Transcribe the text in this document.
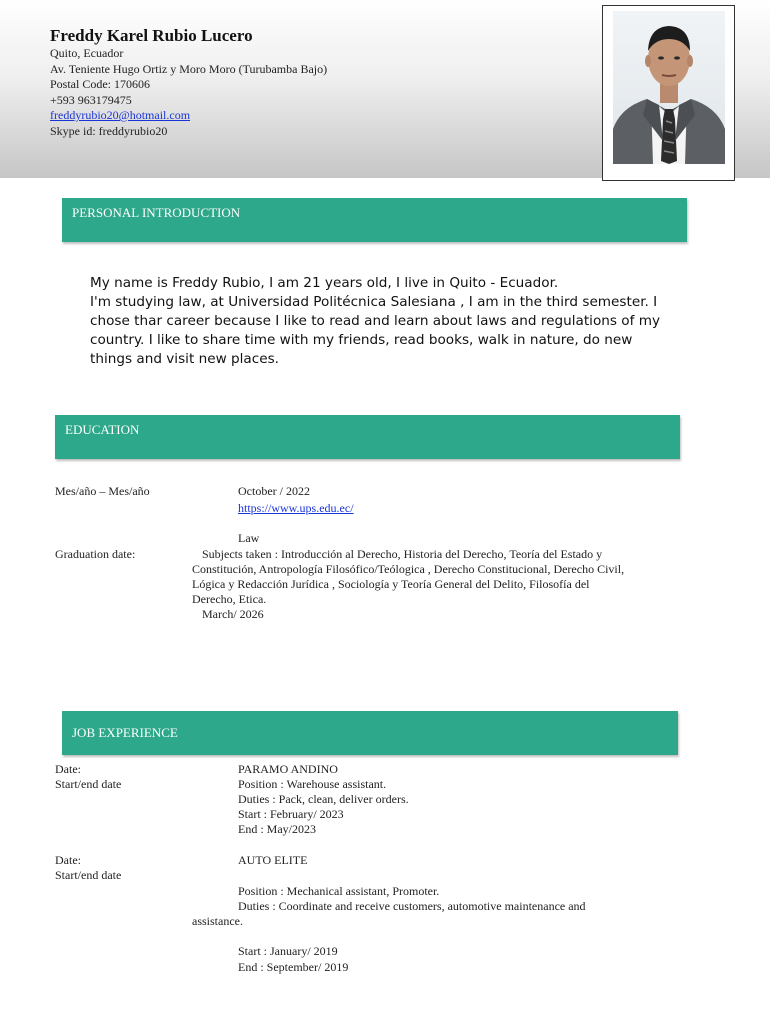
Freddy Karel Rubio Lucero
Quito, Ecuador
Av. Teniente Hugo Ortiz y Moro Moro (Turubamba Bajo)
Postal Code: 170606
+593 963179475
freddyrubio20@hotmail.com
Skype id: freddyrubio20
PERSONAL INTRODUCTION
My name is Freddy Rubio, I am 21 years old, I live in Quito - Ecuador.
I'm studying law, at Universidad Politécnica Salesiana , I am in the third semester. I
chose thar career because I like to read and learn about laws and regulations of my
country. I like to share time with my friends, read books, walk in nature, do new
things and visit new places.
EDUCATION
Mes/año – Mes/año	October / 2022
https://www.ups.edu.ec/
Law
Graduation date:	Subjects taken : Introducción al Derecho, Historia del Derecho, Teoría del Estado y
Constitución, Antropología Filosófico/Teólogica , Derecho Constitucional, Derecho Civil,
Lógica y Redacción Jurídica , Sociología y Teoría General del Delito, Filosofía del
Derecho, Etica.
March/ 2026
JOB EXPERIENCE
Date:
Start/end date
PARAMO ANDINO
Position : Warehouse assistant.
Duties : Pack, clean, deliver orders.
Start : February/ 2023
End : May/2023
Date:
Start/end date
AUTO ELITE
Position : Mechanical assistant, Promoter.
Duties : Coordinate and receive customers, automotive maintenance and
assistance.
Start : January/ 2019
End : September/ 2019
